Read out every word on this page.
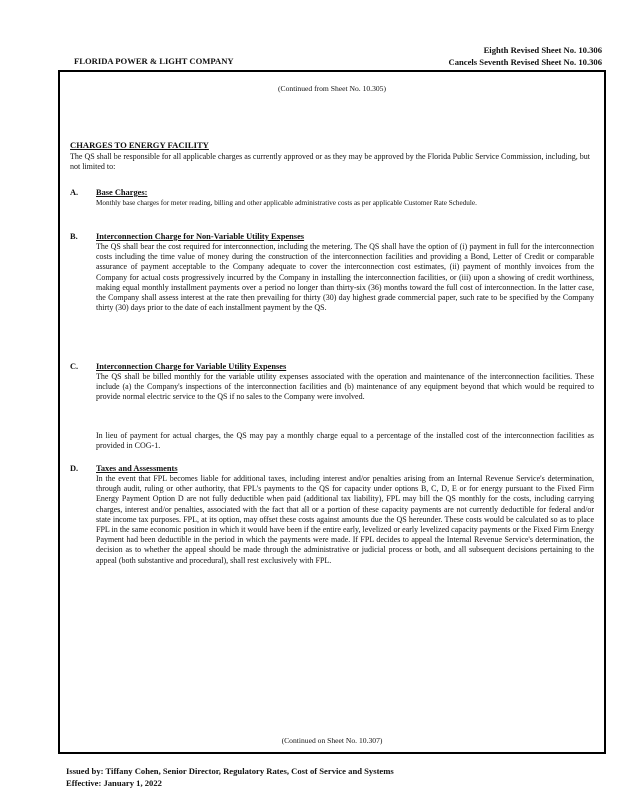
Eighth Revised Sheet No. 10.306
Cancels Seventh Revised Sheet No. 10.306
FLORIDA POWER & LIGHT COMPANY
(Continued from Sheet No. 10.305)
CHARGES TO ENERGY FACILITY
The QS shall be responsible for all applicable charges as currently approved or as they may be approved by the Florida Public Service Commission, including, but not limited to:
A. Base Charges:
Monthly base charges for meter reading, billing and other applicable administrative costs as per applicable Customer Rate Schedule.
B. Interconnection Charge for Non-Variable Utility Expenses
The QS shall bear the cost required for interconnection, including the metering. The QS shall have the option of (i) payment in full for the interconnection costs including the time value of money during the construction of the interconnection facilities and providing a Bond, Letter of Credit or comparable assurance of payment acceptable to the Company adequate to cover the interconnection cost estimates, (ii) payment of monthly invoices from the Company for actual costs progressively incurred by the Company in installing the interconnection facilities, or (iii) upon a showing of credit worthiness, making equal monthly installment payments over a period no longer than thirty-six (36) months toward the full cost of interconnection. In the latter case, the Company shall assess interest at the rate then prevailing for thirty (30) day highest grade commercial paper, such rate to be specified by the Company thirty (30) days prior to the date of each installment payment by the QS.
C. Interconnection Charge for Variable Utility Expenses
The QS shall be billed monthly for the variable utility expenses associated with the operation and maintenance of the interconnection facilities. These include (a) the Company's inspections of the interconnection facilities and (b) maintenance of any equipment beyond that which would be required to provide normal electric service to the QS if no sales to the Company were involved.
In lieu of payment for actual charges, the QS may pay a monthly charge equal to a percentage of the installed cost of the interconnection facilities as provided in COG-1.
D. Taxes and Assessments
In the event that FPL becomes liable for additional taxes, including interest and/or penalties arising from an Internal Revenue Service's determination, through audit, ruling or other authority, that FPL's payments to the QS for capacity under options B, C, D, E or for energy pursuant to the Fixed Firm Energy Payment Option D are not fully deductible when paid (additional tax liability), FPL may bill the QS monthly for the costs, including carrying charges, interest and/or penalties, associated with the fact that all or a portion of these capacity payments are not currently deductible for federal and/or state income tax purposes. FPL, at its option, may offset these costs against amounts due the QS hereunder. These costs would be calculated so as to place FPL in the same economic position in which it would have been if the entire early, levelized or early levelized capacity payments or the Fixed Firm Energy Payment had been deductible in the period in which the payments were made. If FPL decides to appeal the Internal Revenue Service's determination, the decision as to whether the appeal should be made through the administrative or judicial process or both, and all subsequent decisions pertaining to the appeal (both substantive and procedural), shall rest exclusively with FPL.
(Continued on Sheet No. 10.307)
Issued by: Tiffany Cohen, Senior Director, Regulatory Rates, Cost of Service and Systems
Effective: January 1, 2022
